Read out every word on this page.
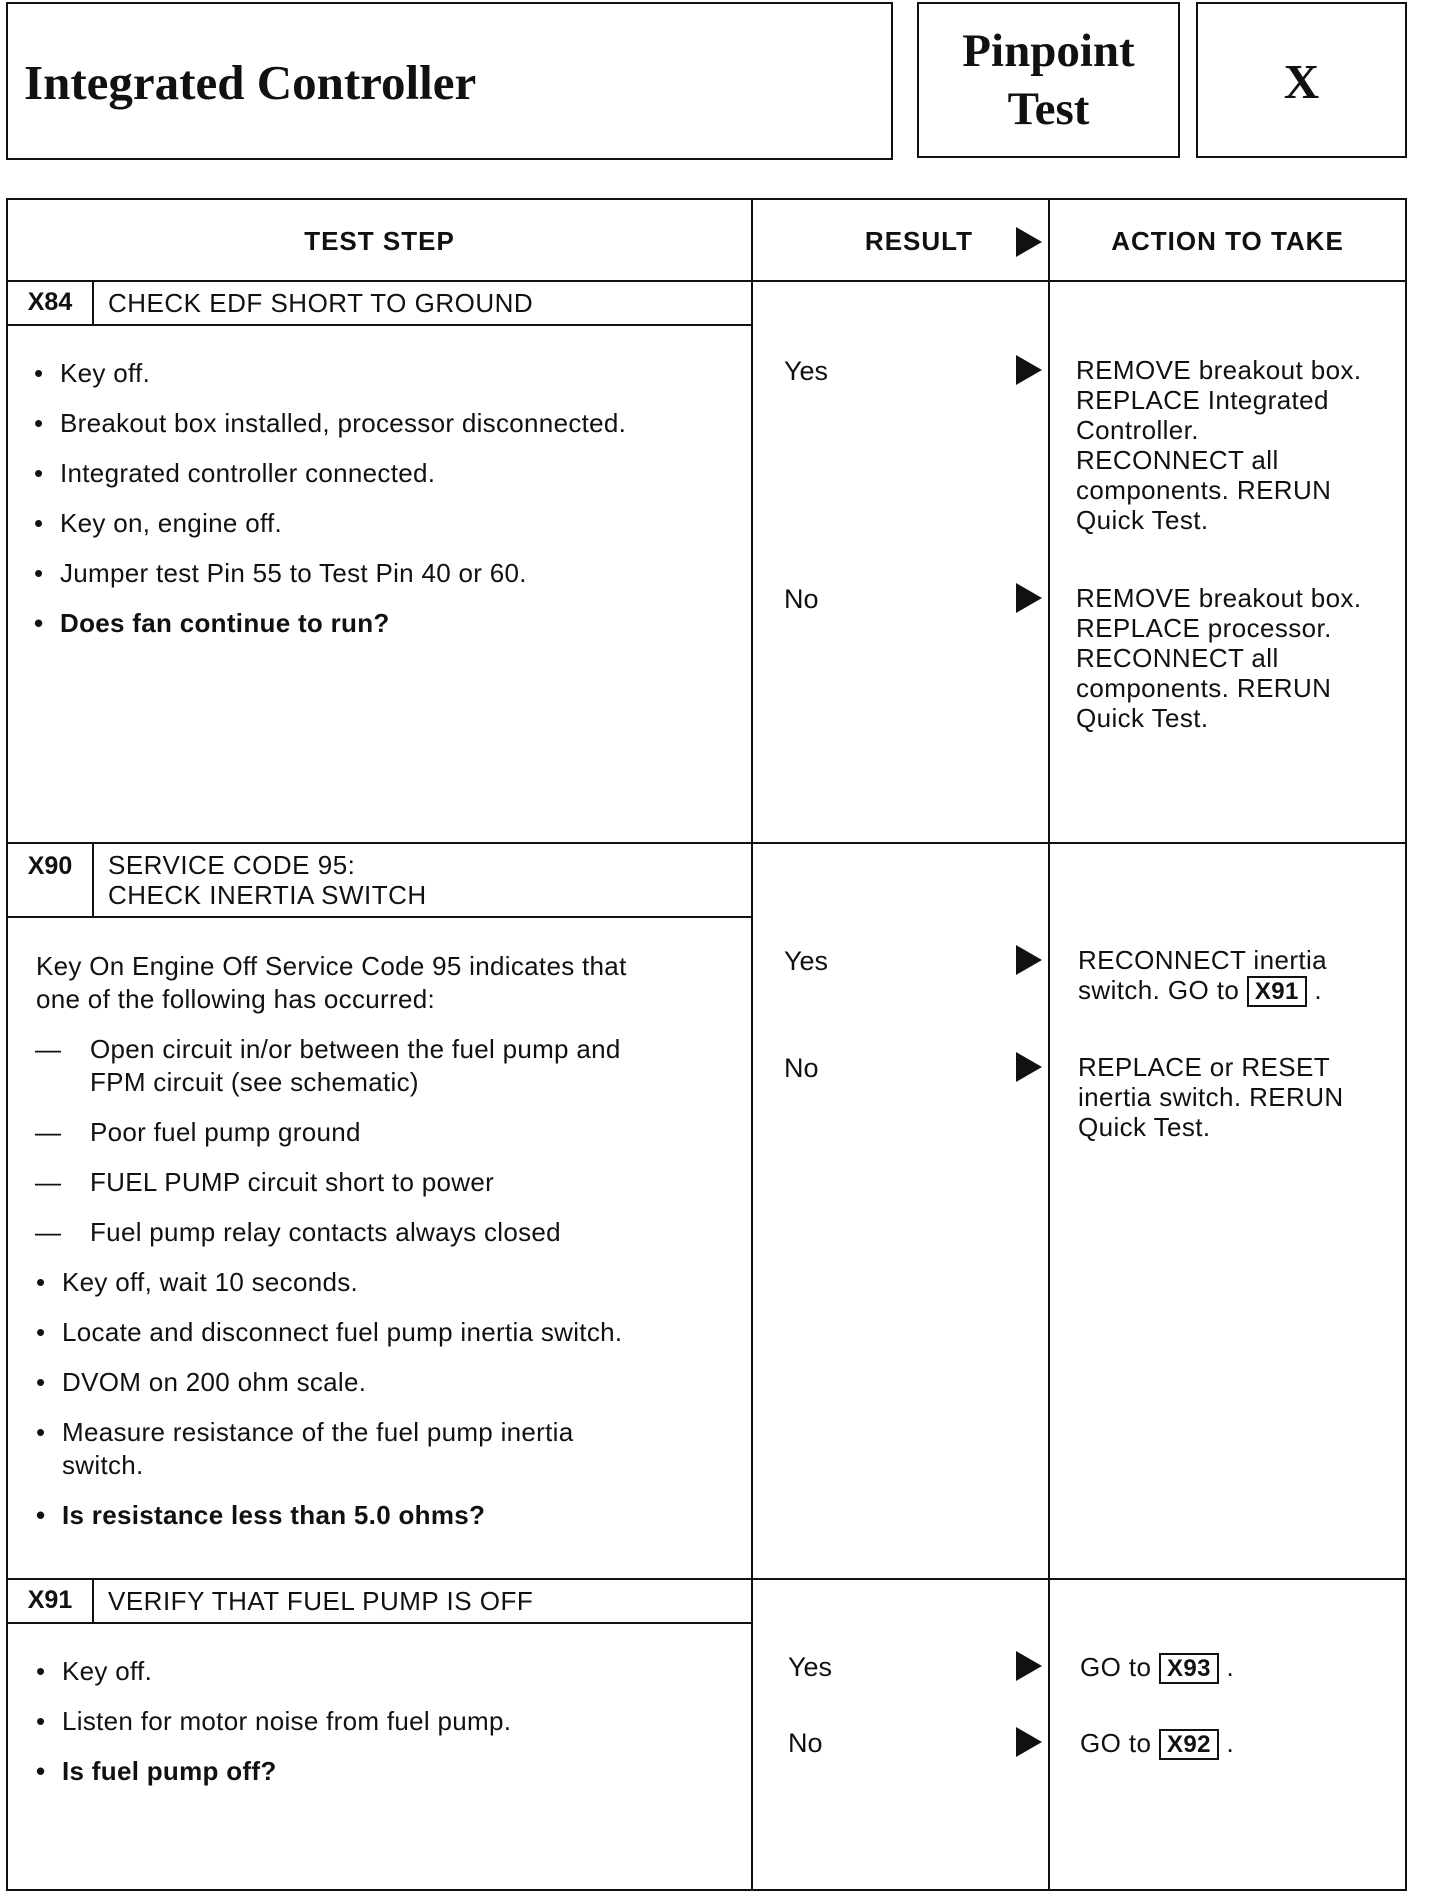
Integrated Controller
Pinpoint
Test	X
TEST STEP	RESULT	ACTION TO TAKE
X84	CHECK EDF SHORT TO GROUND
• Key off.
• Breakout box installed, processor disconnected.
• Integrated controller connected.
• Key on, engine off.
• Jumper test Pin 55 to Test Pin 40 or 60.
• Does fan continue to run?
Yes	REMOVE breakout box.
REPLACE Integrated
Controller.
RECONNECT all
components. RERUN
Quick Test.
No	REMOVE breakout box.
REPLACE processor.
RECONNECT all
components. RERUN
Quick Test.
X90	SERVICE CODE 95:
CHECK INERTIA SWITCH
Key On Engine Off Service Code 95 indicates that
one of the following has occurred:
— Open circuit in/or between the fuel pump and
FPM circuit (see schematic)
— Poor fuel pump ground
— FUEL PUMP circuit short to power
— Fuel pump relay contacts always closed
• Key off, wait 10 seconds.
• Locate and disconnect fuel pump inertia switch.
• DVOM on 200 ohm scale.
• Measure resistance of the fuel pump inertia
switch.
• Is resistance less than 5.0 ohms?
Yes	RECONNECT inertia
switch. GO to X91 .
No	REPLACE or RESET
inertia switch. RERUN
Quick Test.
X91	VERIFY THAT FUEL PUMP IS OFF
• Key off.
• Listen for motor noise from fuel pump.
• Is fuel pump off?
Yes	GO to X93 .
No	GO to X92 .
